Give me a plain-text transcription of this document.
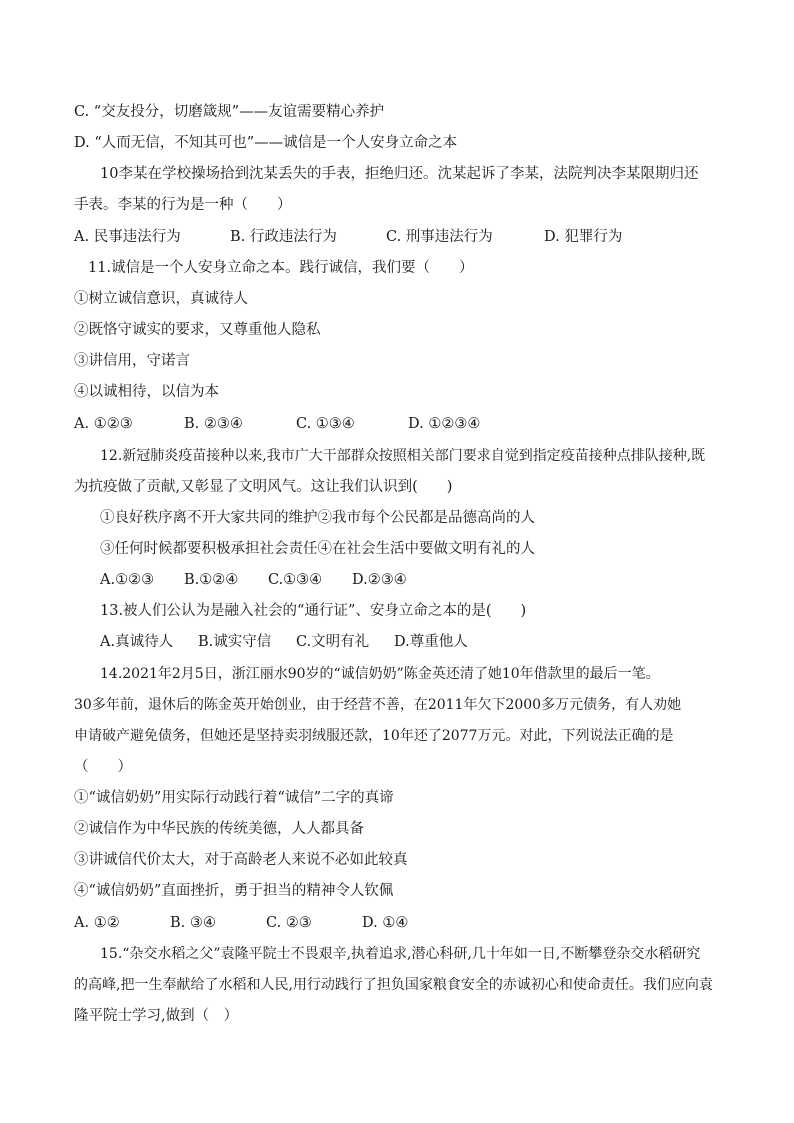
C. “交友投分，切磨箴规”——友谊需要精心养护
D. “人而无信，不知其可也”——诚信是一个人安身立命之本
10李某在学校操场拾到沈某丢失的手表，拒绝归还。沈某起诉了李某，法院判决李某限期归还
手表。李某的行为是一种（　　）
A. 民事违法行为	B. 行政违法行为	C. 刑事违法行为	D. 犯罪行为
11.诚信是一个人安身立命之本。践行诚信，我们要（　　）
①树立诚信意识，真诚待人
②既恪守诚实的要求，又尊重他人隐私
③讲信用，守诺言
④以诚相待，以信为本
A. ①②③	B. ②③④	C. ①③④	D. ①②③④
12.新冠肺炎疫苗接种以来,我市广大干部群众按照相关部门要求自觉到指定疫苗接种点排队接种,既
为抗疫做了贡献,又彰显了文明风气。这让我们认识到(　　)
①良好秩序离不开大家共同的维护②我市每个公民都是品德高尚的人
③任何时候都要积极承担社会责任④在社会生活中要做文明有礼的人
A.①②③ B.①②④ C.①③④ D.②③④
13.被人们公认为是融入社会的“通行证”、安身立命之本的是(　　)
A.真诚待人 B.诚实守信 C.文明有礼 D.尊重他人
14.2021年2月5日，浙江丽水90岁的“诚信奶奶”陈金英还清了她10年借款里的最后一笔。
30多年前，退休后的陈金英开始创业，由于经营不善，在2011年欠下2000多万元债务，有人劝她
申请破产避免债务，但她还是坚持卖羽绒服还款，10年还了2077万元。对此，下列说法正确的是
（　　）
①“诚信奶奶”用实际行动践行着“诚信”二字的真谛
②诚信作为中华民族的传统美德，人人都具备
③讲诚信代价太大，对于高龄老人来说不必如此较真
④“诚信奶奶”直面挫折，勇于担当的精神令人钦佩
A. ①②	B. ③④	C. ②③	D. ①④
15.“杂交水稻之父”袁隆平院士不畏艰辛,执着追求,潜心科研,几十年如一日,不断攀登杂交水稻研究
的高峰,把一生奉献给了水稻和人民,用行动践行了担负国家粮食安全的赤诚初心和使命责任。我们应向袁
隆平院士学习,做到（　）
